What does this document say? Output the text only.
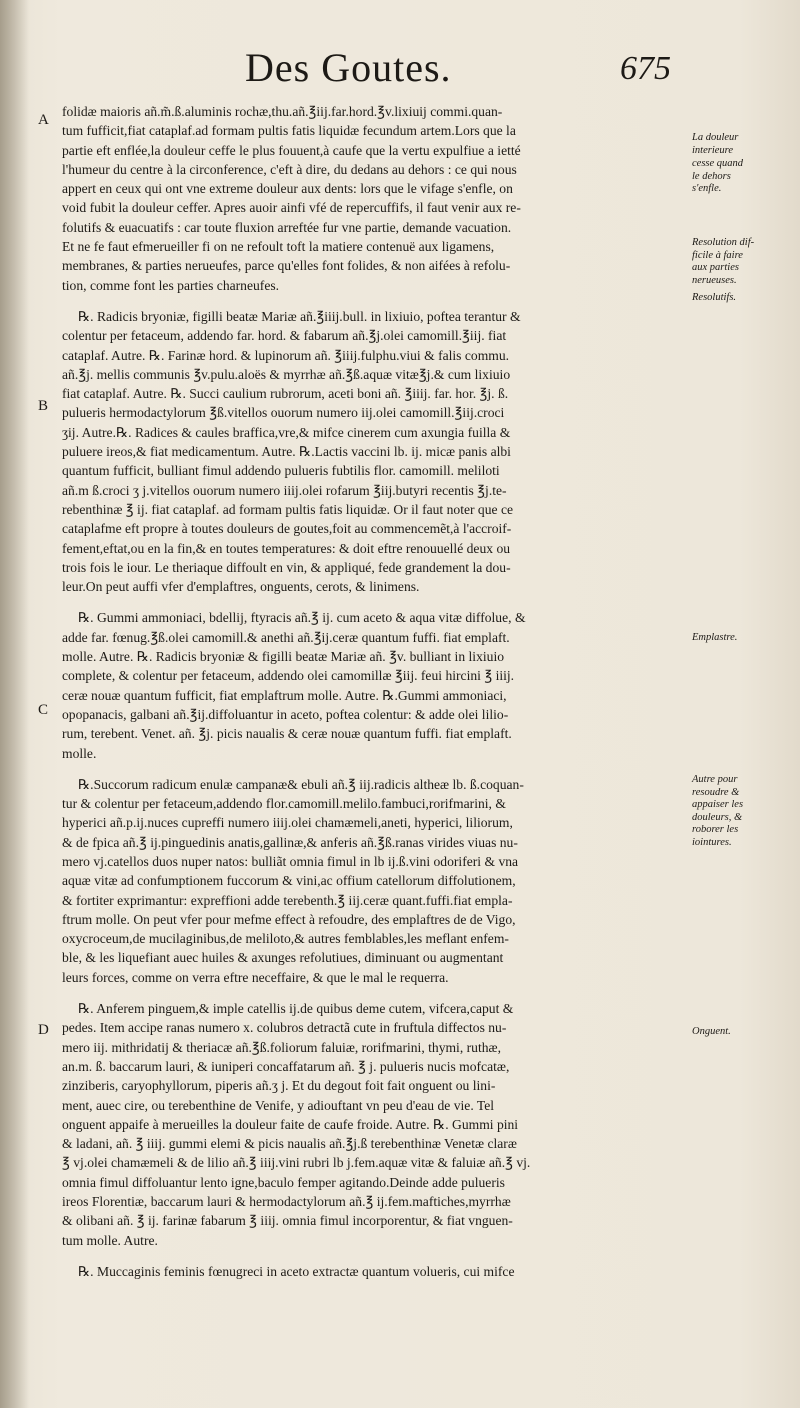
Des Goutes.	675
A
B
C
D
La douleur
interieure
cesse quand
le dehors
s'enfle.
Resolution dif-
ficile à faire
aux parties
nerueuses.
Resolutifs.
Emplastre.
Autre pour
resoudre &
appaiser les
douleurs, &
roborer les
iointures.
Onguent.
folidæ maioris añ.m̃.ß.aluminis rochæ,thu.añ.℥iij.far.hord.℥v.lixiuij commi.quan-
tum fufficit,fiat cataplaf.ad formam pultis fatis liquidæ fecundum artem.Lors que la
partie eft enflée,la douleur ceffe le plus fouuent,à caufe que la vertu expulfiue a ietté
l'humeur du centre à la circonference, c'eft à dire, du dedans au dehors : ce qui nous
appert en ceux qui ont vne extreme douleur aux dents: lors que le vifage s'enfle, on
void fubit la douleur ceffer. Apres auoir ainfi vfé de repercuffifs, il faut venir aux re-
folutifs & euacuatifs : car toute fluxion arreftée fur vne partie, demande vacuation.
Et ne fe faut efmerueiller fi on ne refoult toft la matiere contenuë aux ligamens,
membranes, & parties nerueufes, parce qu'elles font folides, & non aifées à refolu-
tion, comme font les parties charneufes.
℞. Radicis bryoniæ, figilli beatæ Mariæ añ.℥iiij.bull. in lixiuio, poftea terantur &
colentur per fetaceum, addendo far. hord. & fabarum añ.℥j.olei camomill.℥iij. fiat
cataplaf. Autre. ℞. Farinæ hord. & lupinorum añ. ℥iiij.fulphu.viui & falis commu.
añ.℥j. mellis communis ℥v.pulu.aloës & myrrhæ añ.℥ß.aquæ vitæ℥j.& cum lixiuio
fiat cataplaf. Autre. ℞. Succi caulium rubrorum, aceti boni añ. ℥iiij. far. hor. ℥j. ß.
pulueris hermodactylorum ℥ß.vitellos ouorum numero iij.olei camomill.℥iij.croci
ʒij. Autre.℞. Radices & caules braffica,vre,& mifce cinerem cum axungia fuilla &
puluere ireos,& fiat medicamentum. Autre. ℞.Lactis vaccini lb. ij. micæ panis albi
quantum fufficit, bulliant fimul addendo pulueris fubtilis flor. camomill. meliloti
añ.m ß.croci ʒ j.vitellos ouorum numero iiij.olei rofarum ℥iij.butyri recentis ℥j.te-
rebenthinæ ℥ ij. fiat cataplaf. ad formam pultis fatis liquidæ. Or il faut noter que ce
cataplafme eft propre à toutes douleurs de goutes,foit au commencemẽt,à l'accroif-
fement,eftat,ou en la fin,& en toutes temperatures: & doit eftre renouuellé deux ou
trois fois le iour. Le theriaque diffoult en vin, & appliqué, fede grandement la dou-
leur.On peut auffi vfer d'emplaftres, onguents, cerots, & linimens.
℞. Gummi ammoniaci, bdellij, ftyracis añ.℥ ij. cum aceto & aqua vitæ diffolue, &
adde far. fœnug.℥ß.olei camomill.& anethi añ.℥ij.ceræ quantum fuffi. fiat emplaft.
molle. Autre. ℞. Radicis bryoniæ & figilli beatæ Mariæ añ. ℥v. bulliant in lixiuio
complete, & colentur per fetaceum, addendo olei camomillæ ℥iij. feui hircini ℥ iiij.
ceræ nouæ quantum fufficit, fiat emplaftrum molle. Autre. ℞.Gummi ammoniaci,
opopanacis, galbani añ.℥ij.diffoluantur in aceto, poftea colentur: & adde olei lilio-
rum, terebent. Venet. añ. ℥j. picis naualis & ceræ nouæ quantum fuffi. fiat emplaft.
molle.
℞.Succorum radicum enulæ campanæ& ebuli añ.℥ iij.radicis altheæ lb. ß.coquan-
tur & colentur per fetaceum,addendo flor.camomill.melilo.fambuci,rorifmarini, &
hyperici añ.p.ij.nuces cupreffi numero iiij.olei chamæmeli,aneti, hyperici, liliorum,
& de fpica añ.℥ ij.pinguedinis anatis,gallinæ,& anferis añ.℥ß.ranas virides viuas nu-
mero vj.catellos duos nuper natos: bulliãt omnia fimul in lb ij.ß.vini odoriferi & vna
aquæ vitæ ad confumptionem fuccorum & vini,ac offium catellorum diffolutionem,
& fortiter exprimantur: expreffioni adde terebenth.℥ iij.ceræ quant.fuffi.fiat empla-
ftrum molle. On peut vfer pour mefme effect à refoudre, des emplaftres de de Vigo,
oxycroceum,de mucilaginibus,de meliloto,& autres femblables,les meflant enfem-
ble, & les liquefiant auec huiles & axunges refolutiues, diminuant ou augmentant
leurs forces, comme on verra eftre neceffaire, & que le mal le requerra.
℞. Anferem pinguem,& imple catellis ij.de quibus deme cutem, vifcera,caput &
pedes. Item accipe ranas numero x. colubros detractã cute in fruftula diffectos nu-
mero iij. mithridatij & theriacæ añ.℥ß.foliorum faluiæ, rorifmarini, thymi, ruthæ,
an.m. ß. baccarum lauri, & iuniperi concaffatarum añ. ℥ j. pulueris nucis mofcatæ,
zinziberis, caryophyllorum, piperis añ.ʒ j. Et du degout foit fait onguent ou lini-
ment, auec cire, ou terebenthine de Venife, y adiouftant vn peu d'eau de vie. Tel
onguent appaife à merueilles la douleur faite de caufe froide. Autre. ℞. Gummi pini
& ladani, añ. ℥ iiij. gummi elemi & picis naualis añ.℥j.ß terebenthinæ Venetæ claræ
℥ vj.olei chamæmeli & de lilio añ.℥ iiij.vini rubri lb j.fem.aquæ vitæ & faluiæ añ.℥ vj.
omnia fimul diffoluantur lento igne,baculo femper agitando.Deinde adde pulueris
ireos Florentiæ, baccarum lauri & hermodactylorum añ.℥ ij.fem.maftiches,myrrhæ
& olibani añ. ℥ ij. farinæ fabarum ℥ iiij. omnia fimul incorporentur, & fiat vnguen-
tum molle. Autre.
℞. Muccaginis feminis fœnugreci in aceto extractæ quantum volueris, cui mifce
